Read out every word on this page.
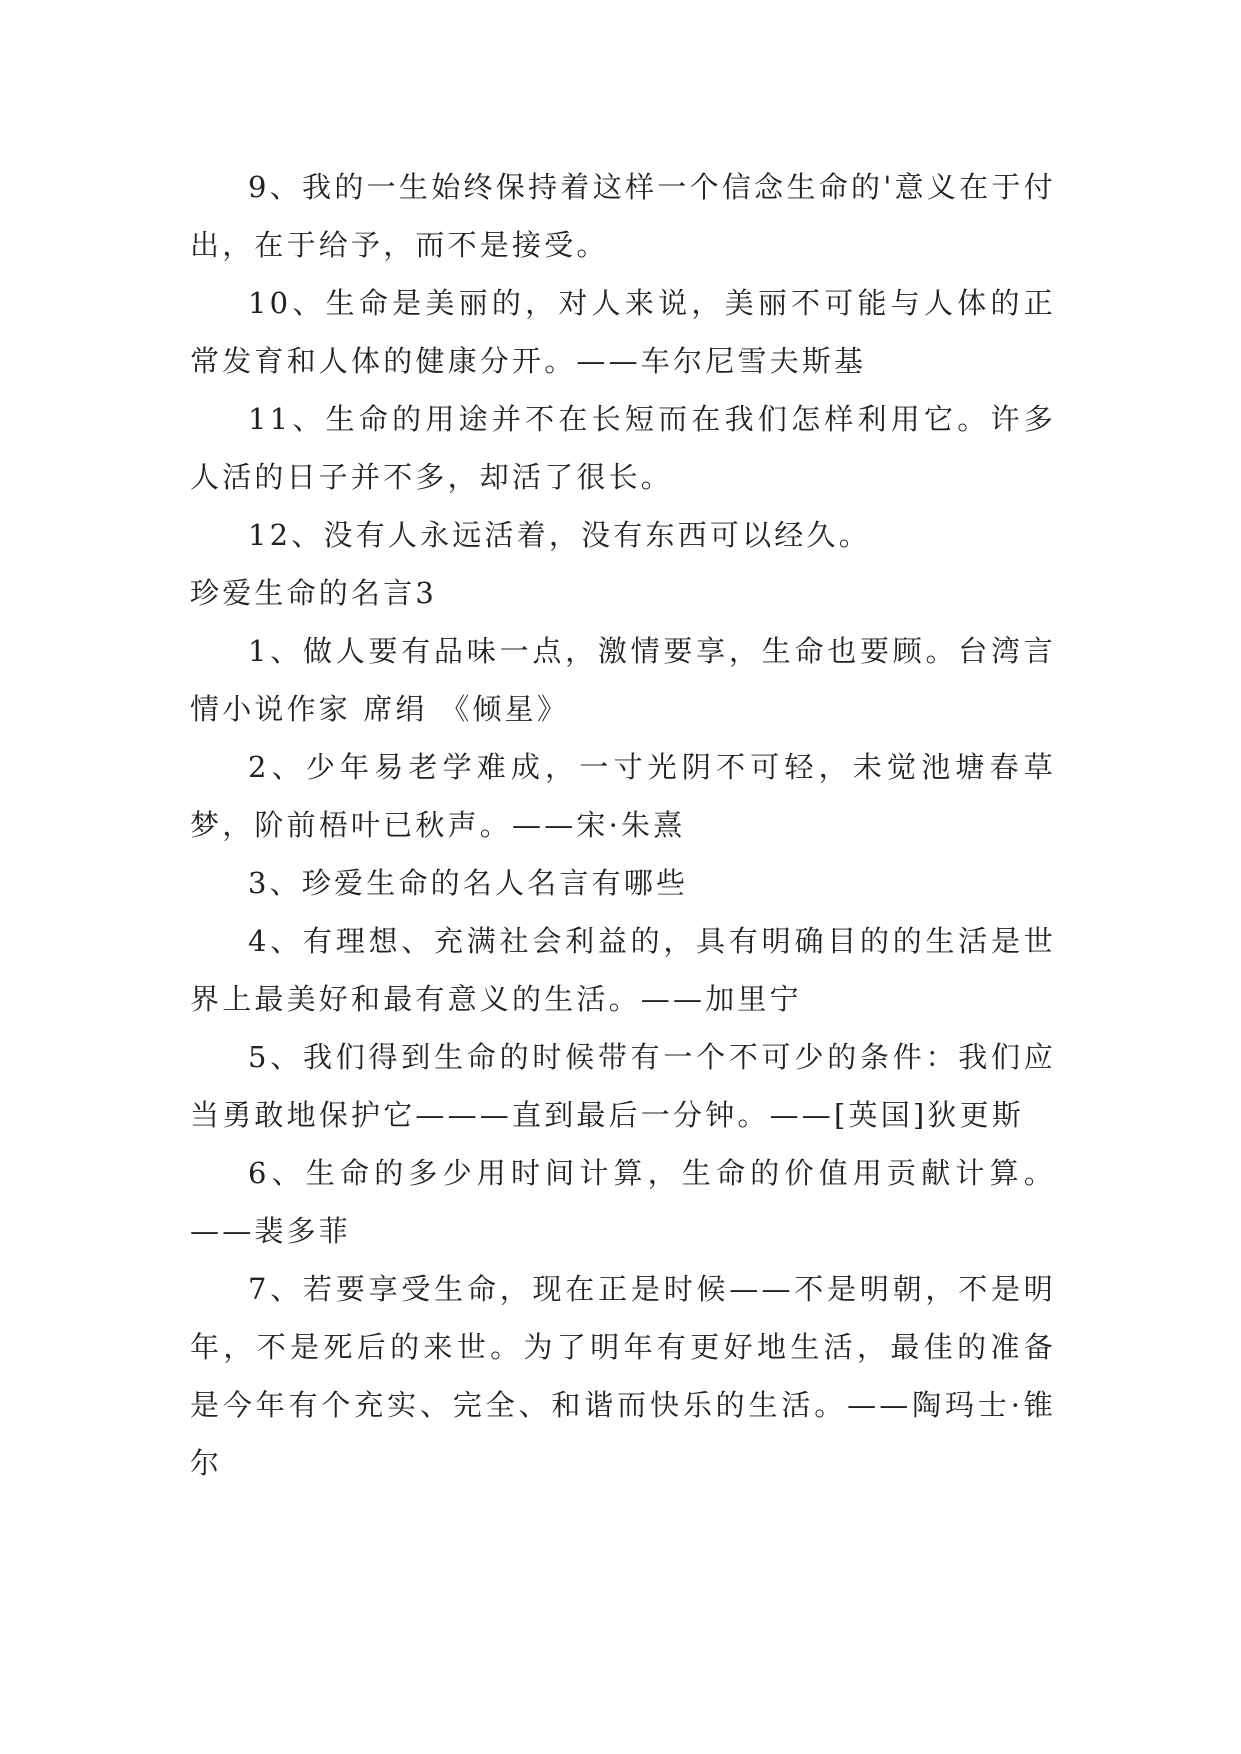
9、我的一生始终保持着这样一个信念生命的'意义在于付出，在于给予，而不是接受。

10、生命是美丽的，对人来说，美丽不可能与人体的正常发育和人体的健康分开。——车尔尼雪夫斯基

11、生命的用途并不在长短而在我们怎样利用它。许多人活的日子并不多，却活了很长。

12、没有人永远活着，没有东西可以经久。

珍爱生命的名言3

1、做人要有品味一点，激情要享，生命也要顾。台湾言情小说作家 席绢 《倾星》

2、少年易老学难成，一寸光阴不可轻，未觉池塘春草梦，阶前梧叶已秋声。——宋·朱熹

3、珍爱生命的名人名言有哪些

4、有理想、充满社会利益的，具有明确目的的生活是世界上最美好和最有意义的生活。——加里宁

5、我们得到生命的时候带有一个不可少的条件：我们应当勇敢地保护它———直到最后一分钟。——[英国]狄更斯

6、生命的多少用时间计算，生命的价值用贡献计算。——裴多菲

7、若要享受生命，现在正是时候——不是明朝，不是明年，不是死后的来世。为了明年有更好地生活，最佳的准备是今年有个充实、完全、和谐而快乐的生活。——陶玛士·锥尔
